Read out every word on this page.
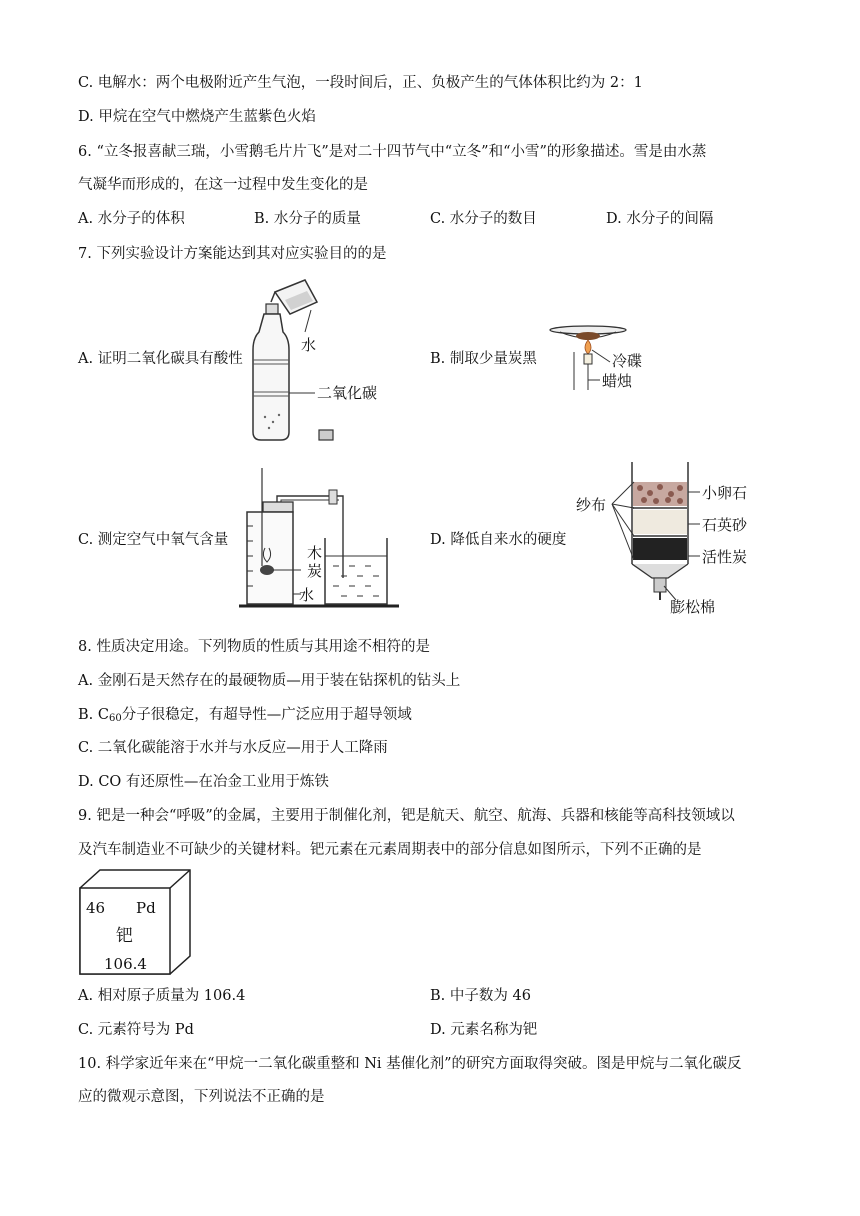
C. 电解水：两个电极附近产生气泡，一段时间后，正、负极产生的气体体积比约为 2：1
D. 甲烷在空气中燃烧产生蓝紫色火焰
6. “立冬报喜献三瑞，小雪鹅毛片片飞”是对二十四节气中“立冬”和“小雪”的形象描述。雪是由水蒸
气凝华而形成的，在这一过程中发生变化的是
A. 水分子的体积	B. 水分子的质量	C. 水分子的数目	D. 水分子的间隔
7. 下列实验设计方案能达到其对应实验目的的是
A. 证明二氧化碳具有酸性	B. 制取少量炭黑
C. 测定空气中氧气含量	D. 降低自来水的硬度
水
二氧化碳
冷碟
蜡烛
木
炭
水
纱布
小卵石
石英砂
活性炭
膨松棉
8. 性质决定用途。下列物质的性质与其用途不相符的是
A. 金刚石是天然存在的最硬物质—用于装在钻探机的钻头上
B. $C_{60}$分子很稳定，有超导性—广泛应用于超导领域
C. 二氧化碳能溶于水并与水反应—用于人工降雨
D. CO 有还原性—在冶金工业用于炼铁
9. 钯是一种会“呼吸”的金属，主要用于制催化剂，钯是航天、航空、航海、兵器和核能等高科技领域以
及汽车制造业不可缺少的关键材料。钯元素在元素周期表中的部分信息如图所示，下列不正确的是
46 Pd
钯
106.4
A. 相对原子质量为 106.4	B. 中子数为 46
C. 元素符号为 Pd	D. 元素名称为钯
10. 科学家近年来在“甲烷一二氧化碳重整和 Ni 基催化剂”的研究方面取得突破。图是甲烷与二氧化碳反
应的微观示意图，下列说法不正确的是
